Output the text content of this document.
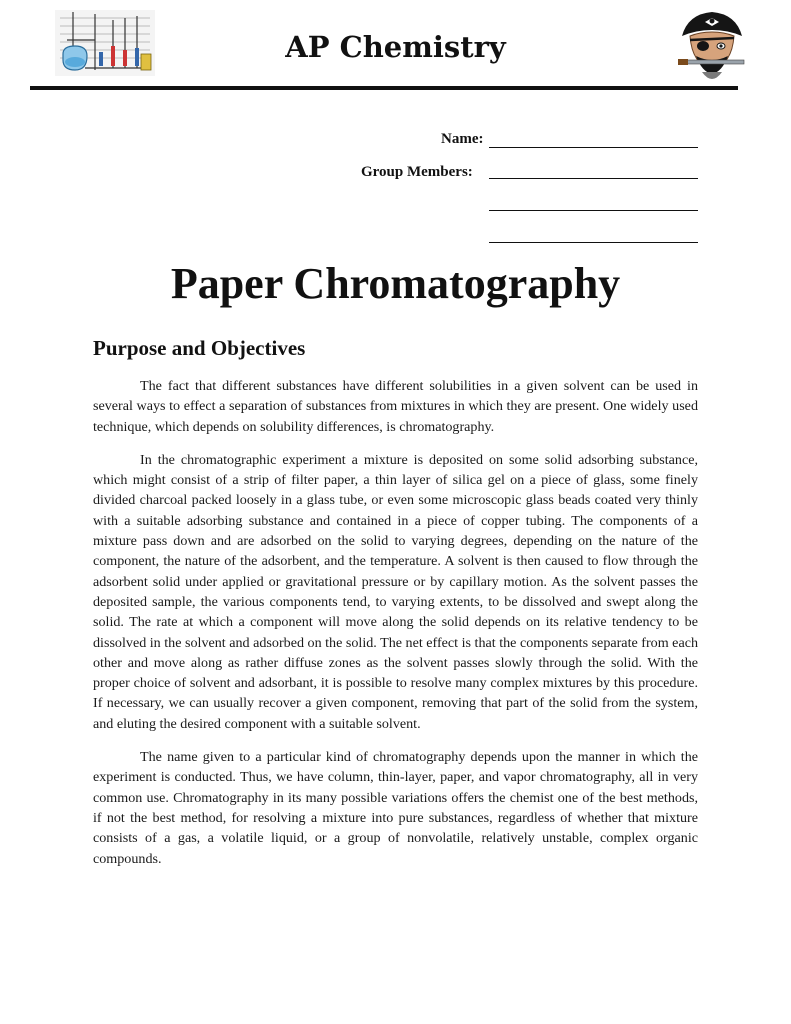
AP Chemistry
Name:
Group Members:
Paper Chromatography
Purpose and Objectives

The fact that different substances have different solubilities in a given solvent can be used in several ways to effect a separation of substances from mixtures in which they are present. One widely used technique, which depends on solubility differences, is chromatography.

In the chromatographic experiment a mixture is deposited on some solid adsorbing substance, which might consist of a strip of filter paper, a thin layer of silica gel on a piece of glass, some finely divided charcoal packed loosely in a glass tube, or even some microscopic glass beads coated very thinly with a suitable adsorbing substance and contained in a piece of copper tubing. The components of a mixture pass down and are adsorbed on the solid to varying degrees, depending on the nature of the component, the nature of the adsorbent, and the temperature. A solvent is then caused to flow through the adsorbent solid under applied or gravitational pressure or by capillary motion. As the solvent passes the deposited sample, the various components tend, to varying extents, to be dissolved and swept along the solid. The rate at which a component will move along the solid depends on its relative tendency to be dissolved in the solvent and adsorbed on the solid. The net effect is that the components separate from each other and move along as rather diffuse zones as the solvent passes slowly through the solid. With the proper choice of solvent and adsorbant, it is possible to resolve many complex mixtures by this procedure. If necessary, we can usually recover a given component, removing that part of the solid from the system, and eluting the desired component with a suitable solvent.

The name given to a particular kind of chromatography depends upon the manner in which the experiment is conducted. Thus, we have column, thin-layer, paper, and vapor chromatography, all in very common use. Chromatography in its many possible variations offers the chemist one of the best methods, if not the best method, for resolving a mixture into pure substances, regardless of whether that mixture consists of a gas, a volatile liquid, or a group of nonvolatile, relatively unstable, complex organic compounds.
